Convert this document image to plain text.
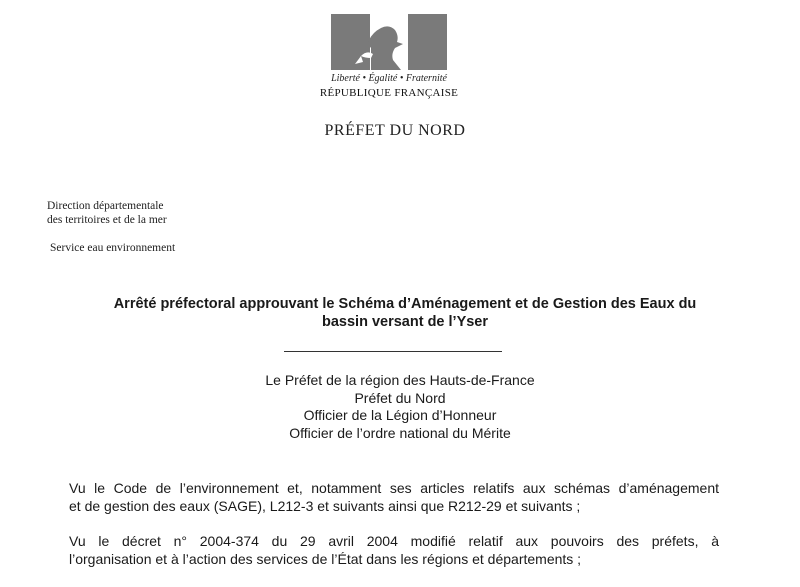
Liberté • Égalité • Fraternité
RÉPUBLIQUE FRANÇAISE
PRÉFET DU NORD
Direction départementale
des territoires et de la mer
Service eau environnement
Arrêté préfectoral approuvant le Schéma d’Aménagement et de Gestion des Eaux du
bassin versant de l’Yser
Le Préfet de la région des Hauts-de-France
Préfet du Nord
Officier de la Légion d’Honneur
Officier de l’ordre national du Mérite
Vu le Code de l’environnement et, notamment ses articles relatifs aux schémas d’aménagement
et de gestion des eaux (SAGE), L212-3 et suivants ainsi que R212-29 et suivants ;
Vu le décret n° 2004-374 du 29 avril 2004 modifié relatif aux pouvoirs des préfets, à
l’organisation et à l’action des services de l’État dans les régions et départements ;
